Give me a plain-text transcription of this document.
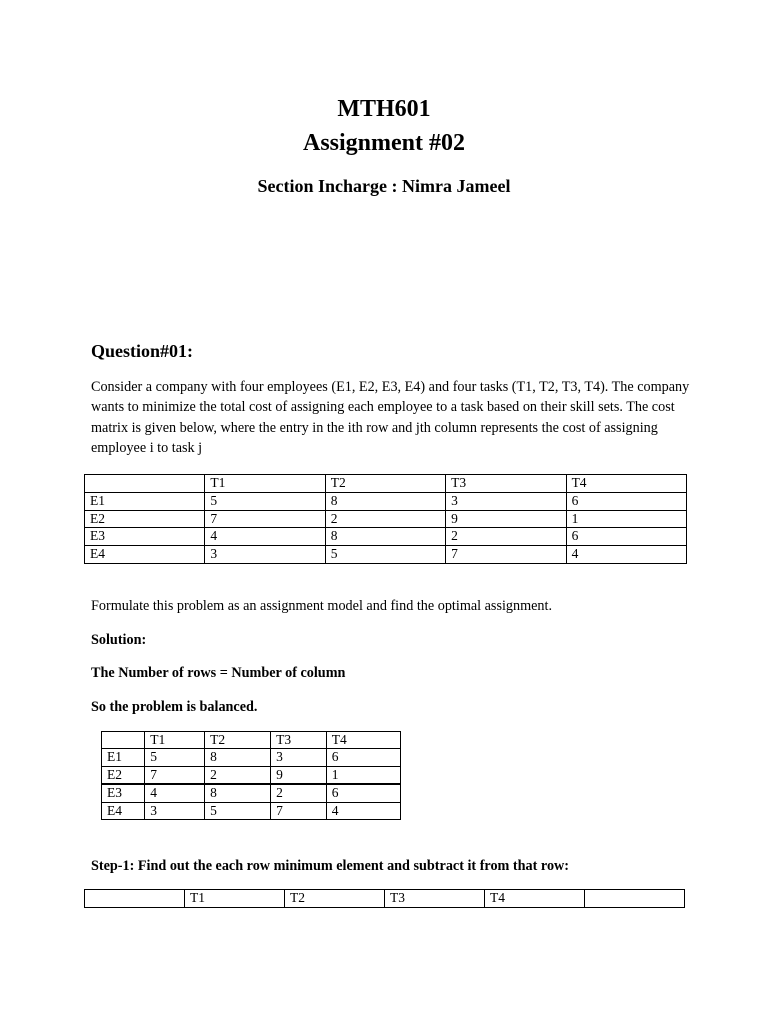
MTH601
Assignment #02
Section Incharge : Nimra Jameel
Question#01:
Consider a company with four employees (E1, E2, E3, E4) and four tasks (T1, T2, T3, T4). The company wants to minimize the total cost of assigning each employee to a task based on their skill sets. The cost matrix is given below, where the entry in the ith row and jth column represents the cost of assigning employee i to task j
	T1	T2	T3	T4
E1	5	8	3	6
E2	7	2	9	1
E3	4	8	2	6
E4	3	5	7	4
Formulate this problem as an assignment model and find the optimal assignment.
Solution:
The Number of rows = Number of column
So the problem is balanced.
	T1	T2	T3	T4
E1	5	8	3	6
E2	7	2	9	1
E3	4	8	2	6
E4	3	5	7	4
Step-1: Find out the each row minimum element and subtract it from that row:
	T1	T2	T3	T4	
